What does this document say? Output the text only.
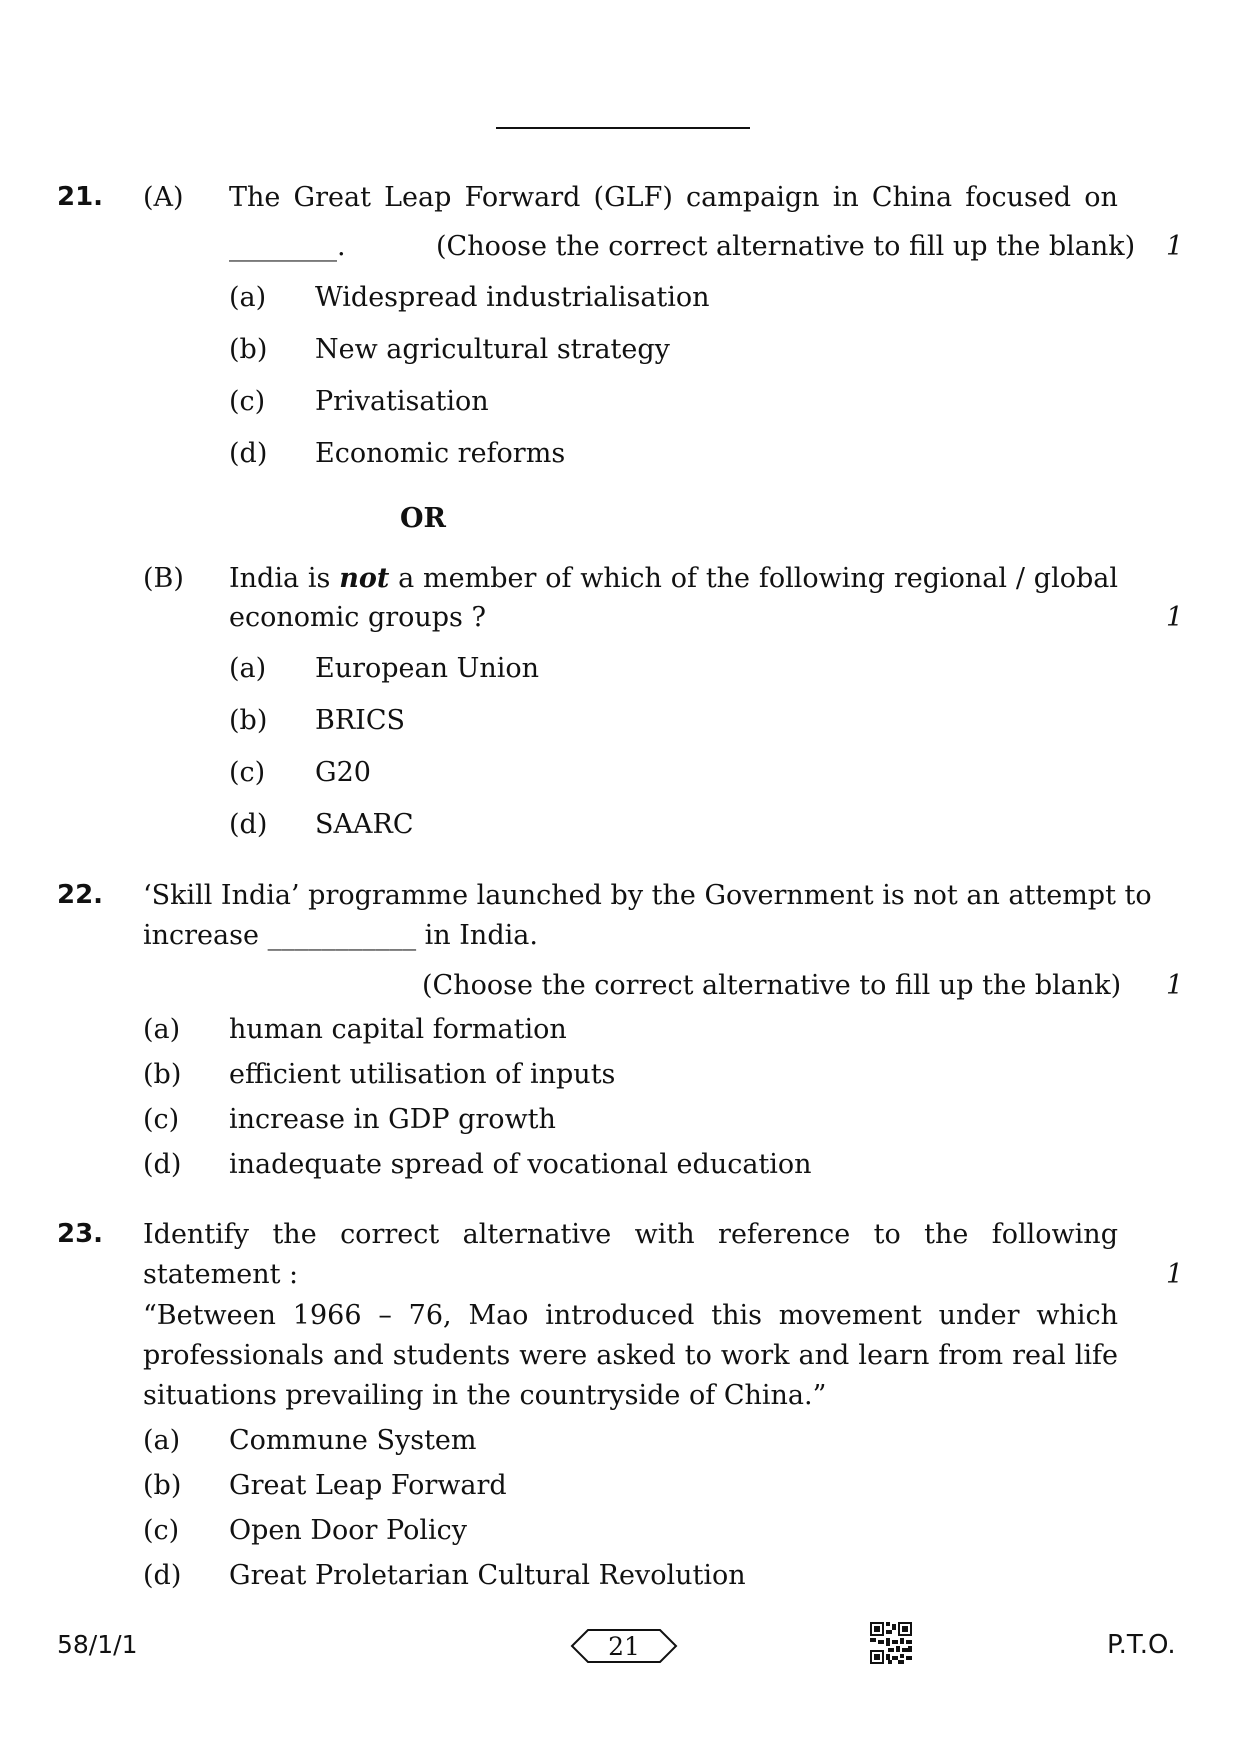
21. (A) The Great Leap Forward (GLF) campaign in China focused on
________.	(Choose the correct alternative to fill up the blank) 1
(a) Widespread industrialisation
(b) New agricultural strategy
(c) Privatisation
(d) Economic reforms
OR
(B) India is not a member of which of the following regional / global
economic groups ?	1
(a) European Union
(b) BRICS
(c) G20
(d) SAARC
22. ‘Skill India’ programme launched by the Government is not an attempt to
increase ___________ in India.
(Choose the correct alternative to fill up the blank) 1
(a) human capital formation
(b) efficient utilisation of inputs
(c) increase in GDP growth
(d) inadequate spread of vocational education
23. Identify the correct alternative with reference to the following
statement :	1
“Between 1966 – 76, Mao introduced this movement under which
professionals and students were asked to work and learn from real life
situations prevailing in the countryside of China.”
(a) Commune System
(b) Great Leap Forward
(c) Open Door Policy
(d) Great Proletarian Cultural Revolution
58/1/1	21	P.T.O.
